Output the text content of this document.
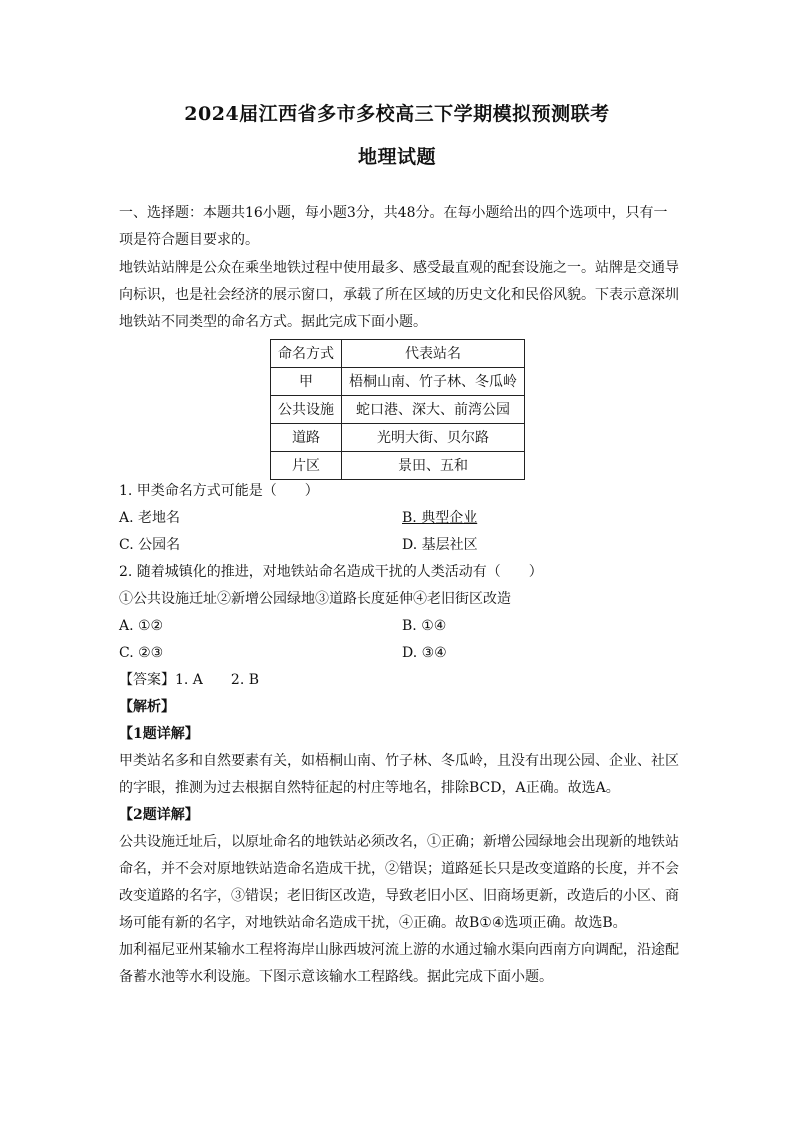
2024届江西省多市多校高三下学期模拟预测联考
地理试题
一、选择题：本题共16小题，每小题3分，共48分。在每小题给出的四个选项中，只有一
项是符合题目要求的。
地铁站站牌是公众在乘坐地铁过程中使用最多、感受最直观的配套设施之一。站牌是交通导
向标识，也是社会经济的展示窗口，承载了所在区域的历史文化和民俗风貌。下表示意深圳
地铁站不同类型的命名方式。据此完成下面小题。
命名方式	代表站名
甲	梧桐山南、竹子林、冬瓜岭
公共设施	蛇口港、深大、前湾公园
道路	光明大街、贝尔路
片区	景田、五和
1. 甲类命名方式可能是（　　）
A. 老地名	B. 典型企业
C. 公园名	D. 基层社区
2. 随着城镇化的推进，对地铁站命名造成干扰的人类活动有（　　）
①公共设施迁址②新增公园绿地③道路长度延伸④老旧街区改造
A. ①②	B. ①④
C. ②③	D. ③④
【答案】1. A　　2. B
【解析】
【1题详解】
甲类站名多和自然要素有关，如梧桐山南、竹子林、冬瓜岭，且没有出现公园、企业、社区
的字眼，推测为过去根据自然特征起的村庄等地名，排除BCD，A正确。故选A。
【2题详解】
公共设施迁址后，以原址命名的地铁站必须改名，①正确；新增公园绿地会出现新的地铁站
命名，并不会对原地铁站造命名造成干扰，②错误；道路延长只是改变道路的长度，并不会
改变道路的名字，③错误；老旧街区改造，导致老旧小区、旧商场更新，改造后的小区、商
场可能有新的名字，对地铁站命名造成干扰，④正确。故B①④选项正确。故选B。
加利福尼亚州某输水工程将海岸山脉西坡河流上游的水通过输水渠向西南方向调配，沿途配
备蓄水池等水利设施。下图示意该输水工程路线。据此完成下面小题。
